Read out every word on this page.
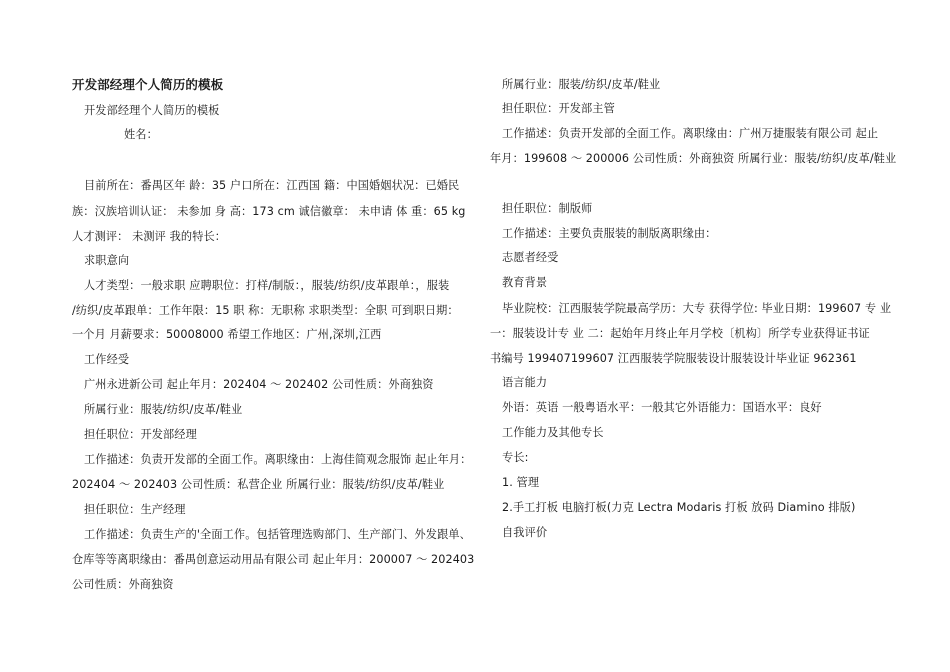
开发部经理个人简历的模板
开发部经理个人简历的模板
姓名：
目前所在：番禺区年 龄：35 户口所在：江西国 籍：中国婚姻状况：已婚民
族：汉族培训认证： 未参加 身 高：173 cm 诚信徽章： 未申请 体 重：65 kg
人才测评： 未测评 我的特长：
求职意向
人才类型：一般求职 应聘职位：打样/制版：，服装/纺织/皮革跟单：，服装
/纺织/皮革跟单：工作年限：15 职 称：无职称 求职类型：全职 可到职日期：
一个月 月薪要求：50008000 希望工作地区：广州,深圳,江西
工作经受
广州永进新公司 起止年月：202404 ～ 202402 公司性质：外商独资
所属行业：服装/纺织/皮革/鞋业
担任职位：开发部经理
工作描述：负责开发部的全面工作。离职缘由：上海佳简观念服饰 起止年月：
202404 ～ 202403 公司性质：私营企业 所属行业：服装/纺织/皮革/鞋业
担任职位：生产经理
工作描述：负责生产的'全面工作。包括管理选购部门、生产部门、外发跟单、
仓库等等离职缘由：番禺创意运动用品有限公司 起止年月：200007 ～ 202403
公司性质：外商独资
所属行业：服装/纺织/皮革/鞋业
担任职位：开发部主管
工作描述：负责开发部的全面工作。离职缘由：广州万捷服装有限公司 起止
年月：199608 ～ 200006 公司性质：外商独资 所属行业：服装/纺织/皮革/鞋业
担任职位：制版师
工作描述：主要负责服装的制版离职缘由：
志愿者经受
教育背景
毕业院校：江西服装学院最高学历：大专 获得学位: 毕业日期：199607 专 业
一：服装设计专 业 二：起始年月终止年月学校〔机构〕所学专业获得证书证
书编号 199407199607 江西服装学院服装设计服装设计毕业证 962361
语言能力
外语：英语 一般粤语水平：一般其它外语能力：国语水平：良好
工作能力及其他专长
专长:
1. 管理
2.手工打板 电脑打板(力克 Lectra Modaris 打板 放码 Diamino 排版)
自我评价
